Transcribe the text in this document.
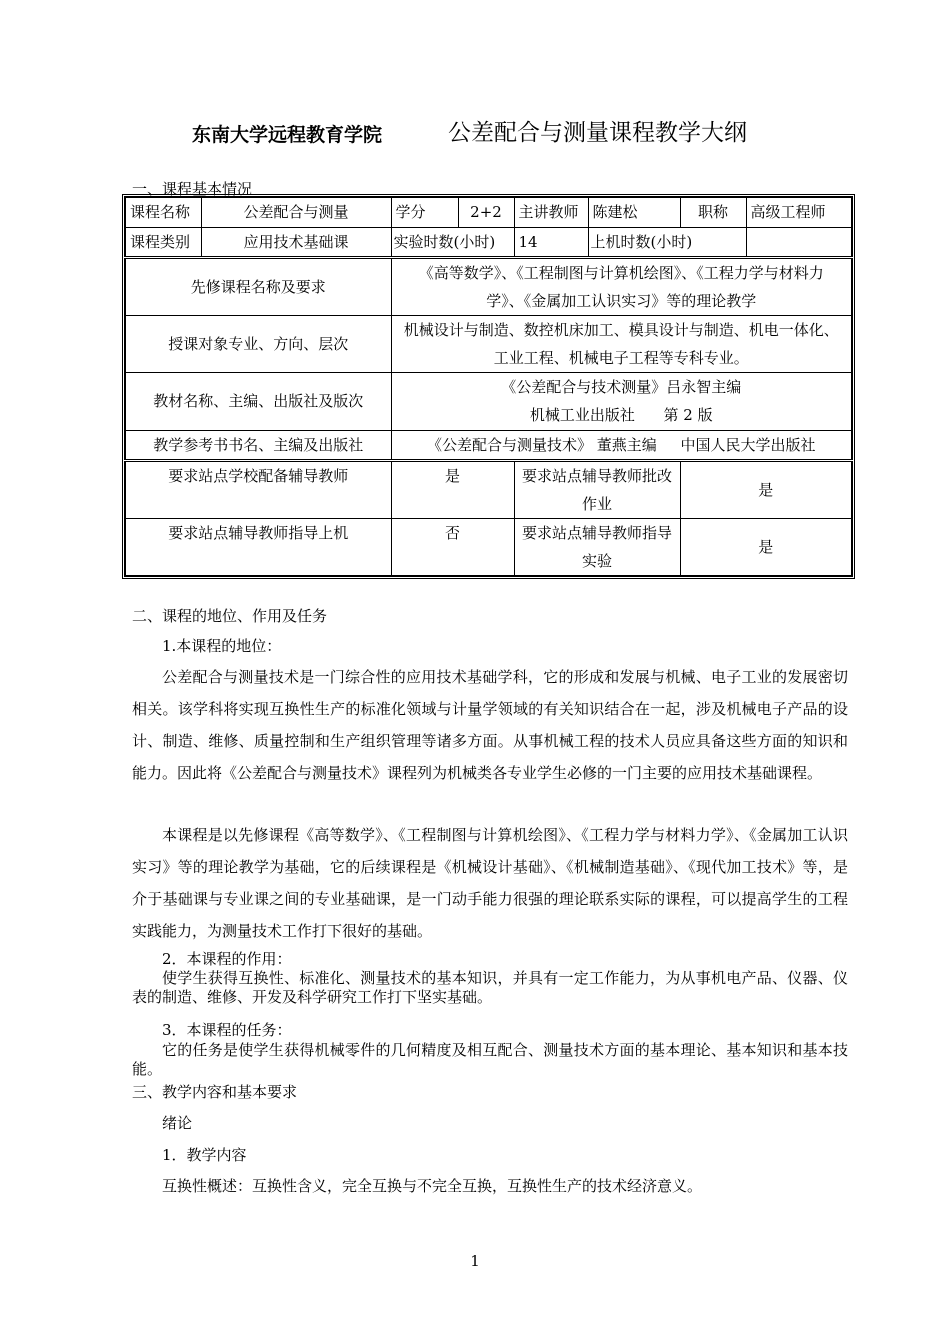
东南大学远程教育学院	公差配合与测量课程教学大纲
一、课程基本情况
课程名称	公差配合与测量	学分	2+2	主讲教师	陈建松	职称	高级工程师
课程类别	应用技术基础课	实验时数(小时)		14	上机时数(小时)		
先修课程名称及要求		《高等数学》、《工程制图与计算机绘图》、《工程力学与材料力
学》、《金属加工认识实习》等的理论教学					

授课对象专业、方向、层次		机械设计与制造、数控机床加工、模具设计与制造、机电一体化、
工业工程、机械电子工程等专科专业。					

教材名称、主编、出版社及版次		《公差配合与技术测量》吕永智主编
机械工业出版社      第 2 版					

教学参考书书名、主编及出版社		《公差配合与测量技术》 董燕主编     中国人民大学出版社					
要求站点学校配备辅导教师		是		要求站点辅导教师批改
作业		是	
要求站点辅导教师指导上机		否		要求站点辅导教师指导
实验		是	
二、课程的地位、作用及任务
1.本课程的地位：
公差配合与测量技术是一门综合性的应用技术基础学科，它的形成和发展与机械、电子工业的发展密切相关。该学科将实现互换性生产的标准化领域与计量学领域的有关知识结合在一起，涉及机械电子产品的设计、制造、维修、质量控制和生产组织管理等诸多方面。从事机械工程的技术人员应具备这些方面的知识和能力。因此将《公差配合与测量技术》课程列为机械类各专业学生必修的一门主要的应用技术基础课程。
本课程是以先修课程《高等数学》、《工程制图与计算机绘图》、《工程力学与材料力学》、《金属加工认识实习》等的理论教学为基础，它的后续课程是《机械设计基础》、《机械制造基础》、《现代加工技术》等，是介于基础课与专业课之间的专业基础课，是一门动手能力很强的理论联系实际的课程，可以提高学生的工程实践能力，为测量技术工作打下很好的基础。
2．本课程的作用：
使学生获得互换性、标准化、测量技术的基本知识，并具有一定工作能力，为从事机电产品、仪器、仪表的制造、维修、开发及科学研究工作打下坚实基础。
3．本课程的任务：
它的任务是使学生获得机械零件的几何精度及相互配合、测量技术方面的基本理论、基本知识和基本技能。
三、教学内容和基本要求
绪论
1．教学内容
互换性概述：互换性含义，完全互换与不完全互换，互换性生产的技术经济意义。
1
